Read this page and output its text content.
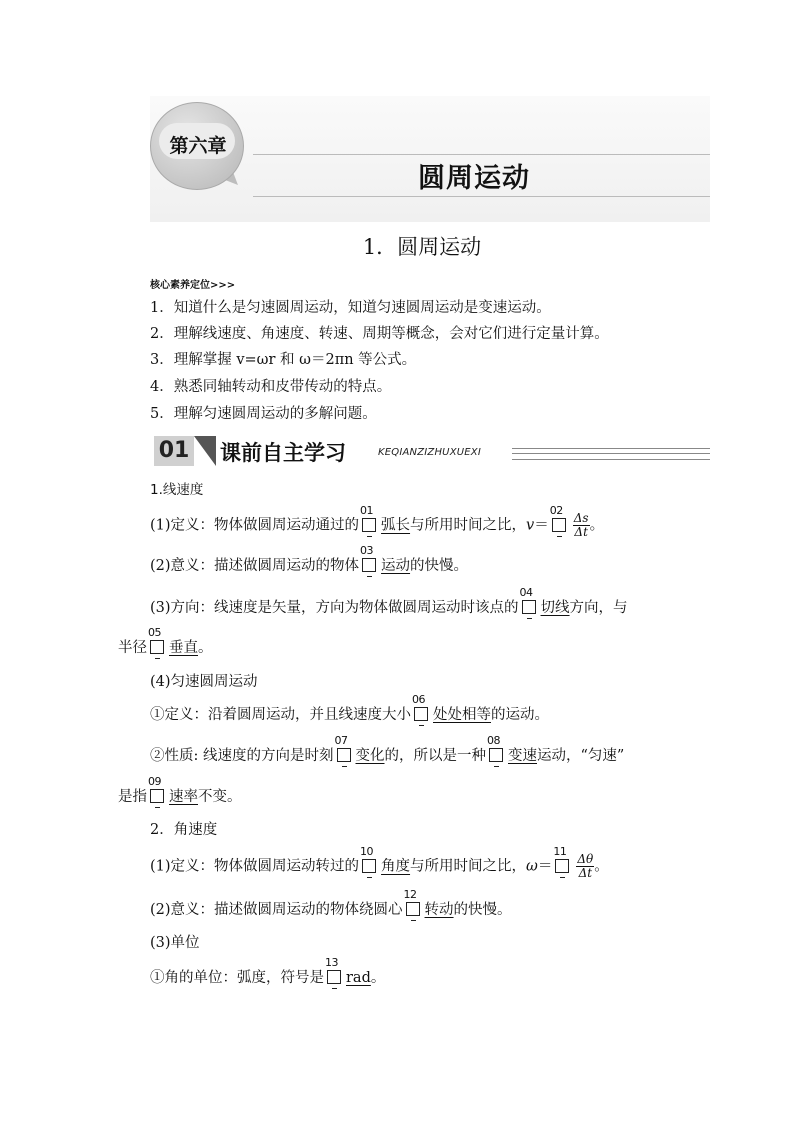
第六章
圆周运动
1．圆周运动
核心素养定位>>>
1．知道什么是匀速圆周运动，知道匀速圆周运动是变速运动。
2．理解线速度、角速度、转速、周期等概念，会对它们进行定量计算。
3．理解掌握 v=ωr 和 ω＝2πn 等公式。
4．熟悉同轴转动和皮带传动的特点。
5．理解匀速圆周运动的多解问题。
01 课前自主学习	KEQIANZIZHUXUEXI
1.线速度
(1)定义：物体做圆周运动通过的
01
弧长与所用时间之比，v＝
02
$\frac{\Delta s}{\Delta t}$ 。
(2)意义：描述做圆周运动的物体
03
运动的快慢。
(3)方向：线速度是矢量，方向为物体做圆周运动时该点的
04
切线方向，与
半径
05
垂直。
(4)匀速圆周运动
①定义：沿着圆周运动，并且线速度大小
06
处处相等的运动。
②性质: 线速度的方向是时刻
07
变化的，所以是一种
08
变速运动，“匀速”
是指
09
速率不变。
2．角速度
(1)定义：物体做圆周运动转过的
10
角度与所用时间之比，ω＝
11
$\frac{\Delta\theta}{\Delta t}$ 。
(2)意义：描述做圆周运动的物体绕圆心
12
转动的快慢。
(3)单位
①角的单位：弧度，符号是
13
rad。
